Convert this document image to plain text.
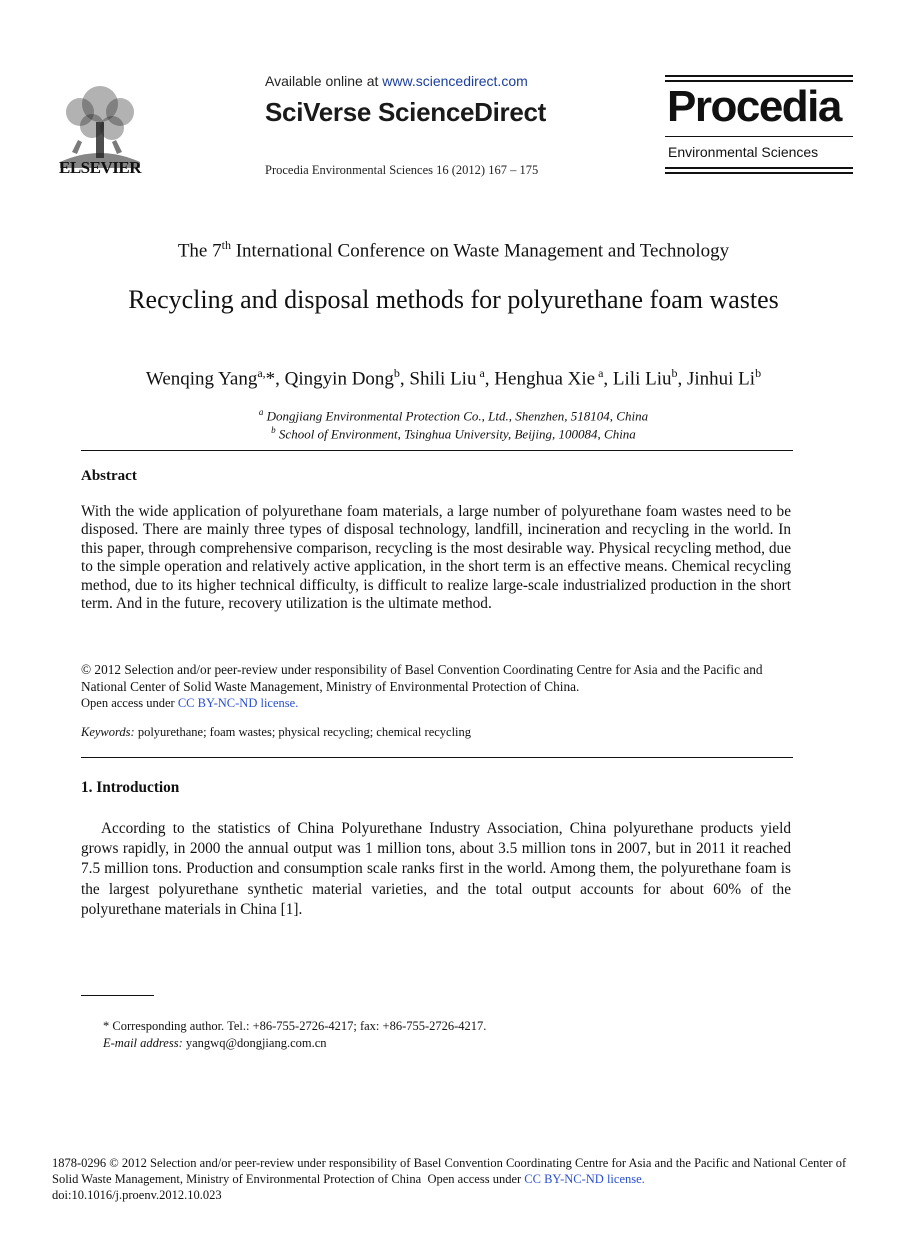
ELSEVIER
Available online at www.sciencedirect.com
SciVerse ScienceDirect
Procedia Environmental Sciences 16 (2012) 167 – 175
Procedia
Environmental Sciences
The 7th International Conference on Waste Management and Technology
Recycling and disposal methods for polyurethane foam wastes
Wenqing Yang$^{a,}$*, Qingyin Dong$^b$, Shili Liu $^a$, Henghua Xie $^a$, Lili Liu$^b$, Jinhui Li$^b$
$^a$ Dongjiang Environmental Protection Co., Ltd., Shenzhen, 518104, China
$^b$ School of Environment, Tsinghua University, Beijing, 100084, China
Abstract
With the wide application of polyurethane foam materials, a large number of polyurethane foam wastes need to be disposed. There are mainly three types of disposal technology, landfill, incineration and recycling in the world. In this paper, through comprehensive comparison, recycling is the most desirable way. Physical recycling method, due to the simple operation and relatively active application, in the short term is an effective means. Chemical recycling method, due to its higher technical difficulty, is difficult to realize large-scale industrialized production in the short term. And in the future, recovery utilization is the ultimate method.
© 2012 Selection and/or peer-review under responsibility of Basel Convention Coordinating Centre for Asia and the Pacific and National Center of Solid Waste Management, Ministry of Environmental Protection of China.
Open access under CC BY-NC-ND license.
Keywords: polyurethane; foam wastes; physical recycling; chemical recycling
1. Introduction
According to the statistics of China Polyurethane Industry Association, China polyurethane products yield grows rapidly, in 2000 the annual output was 1 million tons, about 3.5 million tons in 2007, but in 2011 it reached 7.5 million tons. Production and consumption scale ranks first in the world. Among them, the polyurethane foam is the largest polyurethane synthetic material varieties, and the total output accounts for about 60% of the polyurethane materials in China [1].
* Corresponding author. Tel.: +86-755-2726-4217; fax: +86-755-2726-4217.
E-mail address: yangwq@dongjiang.com.cn
1878-0296 © 2012 Selection and/or peer-review under responsibility of Basel Convention Coordinating Centre for Asia and the Pacific and National Center of Solid Waste Management, Ministry of Environmental Protection of China  Open access under CC BY-NC-ND license.
doi:10.1016/j.proenv.2012.10.023
